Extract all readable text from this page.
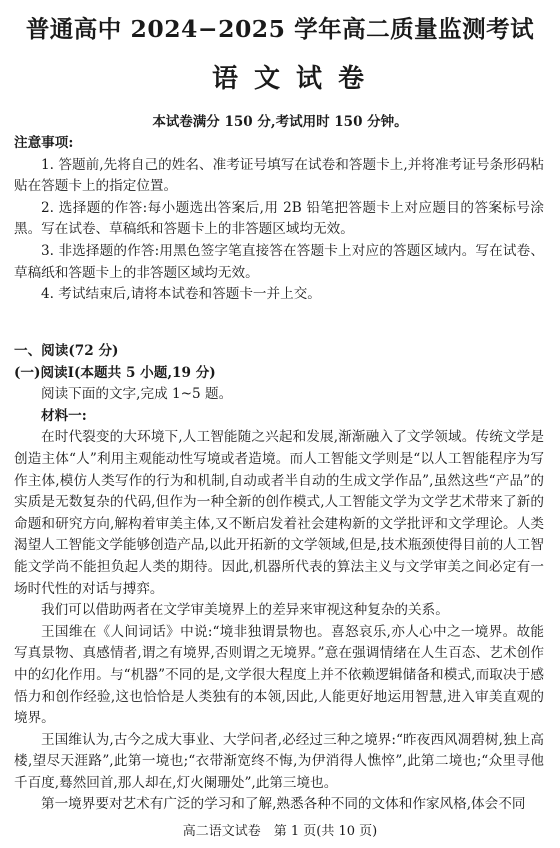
普通高中 2024−2025 学年高二质量监测考试
语文试卷
本试卷满分 150 分,考试用时 150 分钟。

注意事项:

1. 答题前,先将自己的姓名、准考证号填写在试卷和答题卡上,并将准考证号条形码粘贴在答题卡上的指定位置。

2. 选择题的作答:每小题选出答案后,用 2B 铅笔把答题卡上对应题目的答案标号涂黑。写在试卷、草稿纸和答题卡上的非答题区域均无效。

3. 非选择题的作答:用黑色签字笔直接答在答题卡上对应的答题区域内。写在试卷、草稿纸和答题卡上的非答题区域均无效。

4. 考试结束后,请将本试卷和答题卡一并上交。

一、阅读(72 分)

(一)阅读Ⅰ(本题共 5 小题,19 分)

阅读下面的文字,完成 1~5 题。

材料一:

在时代裂变的大环境下,人工智能随之兴起和发展,渐渐融入了文学领域。传统文学是创造主体“人”利用主观能动性写境或者造境。而人工智能文学则是“以人工智能程序为写作主体,模仿人类写作的行为和机制,自动或者半自动的生成文学作品”,虽然这些“产品”的实质是无数复杂的代码,但作为一种全新的创作模式,人工智能文学为文学艺术带来了新的命题和研究方向,解构着审美主体,又不断启发着社会建构新的文学批评和文学理论。人类渴望人工智能文学能够创造产品,以此开拓新的文学领域,但是,技术瓶颈使得目前的人工智能文学尚不能担负起人类的期待。因此,机器所代表的算法主义与文学审美之间必定有一场时代性的对话与搏弈。

我们可以借助两者在文学审美境界上的差异来审视这种复杂的关系。

王国维在《人间词话》中说:“境非独谓景物也。喜怒哀乐,亦人心中之一境界。故能写真景物、真感情者,谓之有境界,否则谓之无境界。”意在强调情绪在人生百态、艺术创作中的幻化作用。与“机器”不同的是,文学很大程度上并不依赖逻辑储备和模式,而取决于感悟力和创作经验,这也恰恰是人类独有的本领,因此,人能更好地运用智慧,进入审美直观的境界。

王国维认为,古今之成大事业、大学问者,必经过三种之境界:“昨夜西风凋碧树,独上高楼,望尽天涯路”,此第一境也;“衣带渐宽终不悔,为伊消得人憔悴”,此第二境也;“众里寻他千百度,蓦然回首,那人却在,灯火阑珊处”,此第三境也。

第一境界要对艺术有广泛的学习和了解,熟悉各种不同的文体和作家风格,体会不同

高二语文试卷　第 1 页(共 10 页)
